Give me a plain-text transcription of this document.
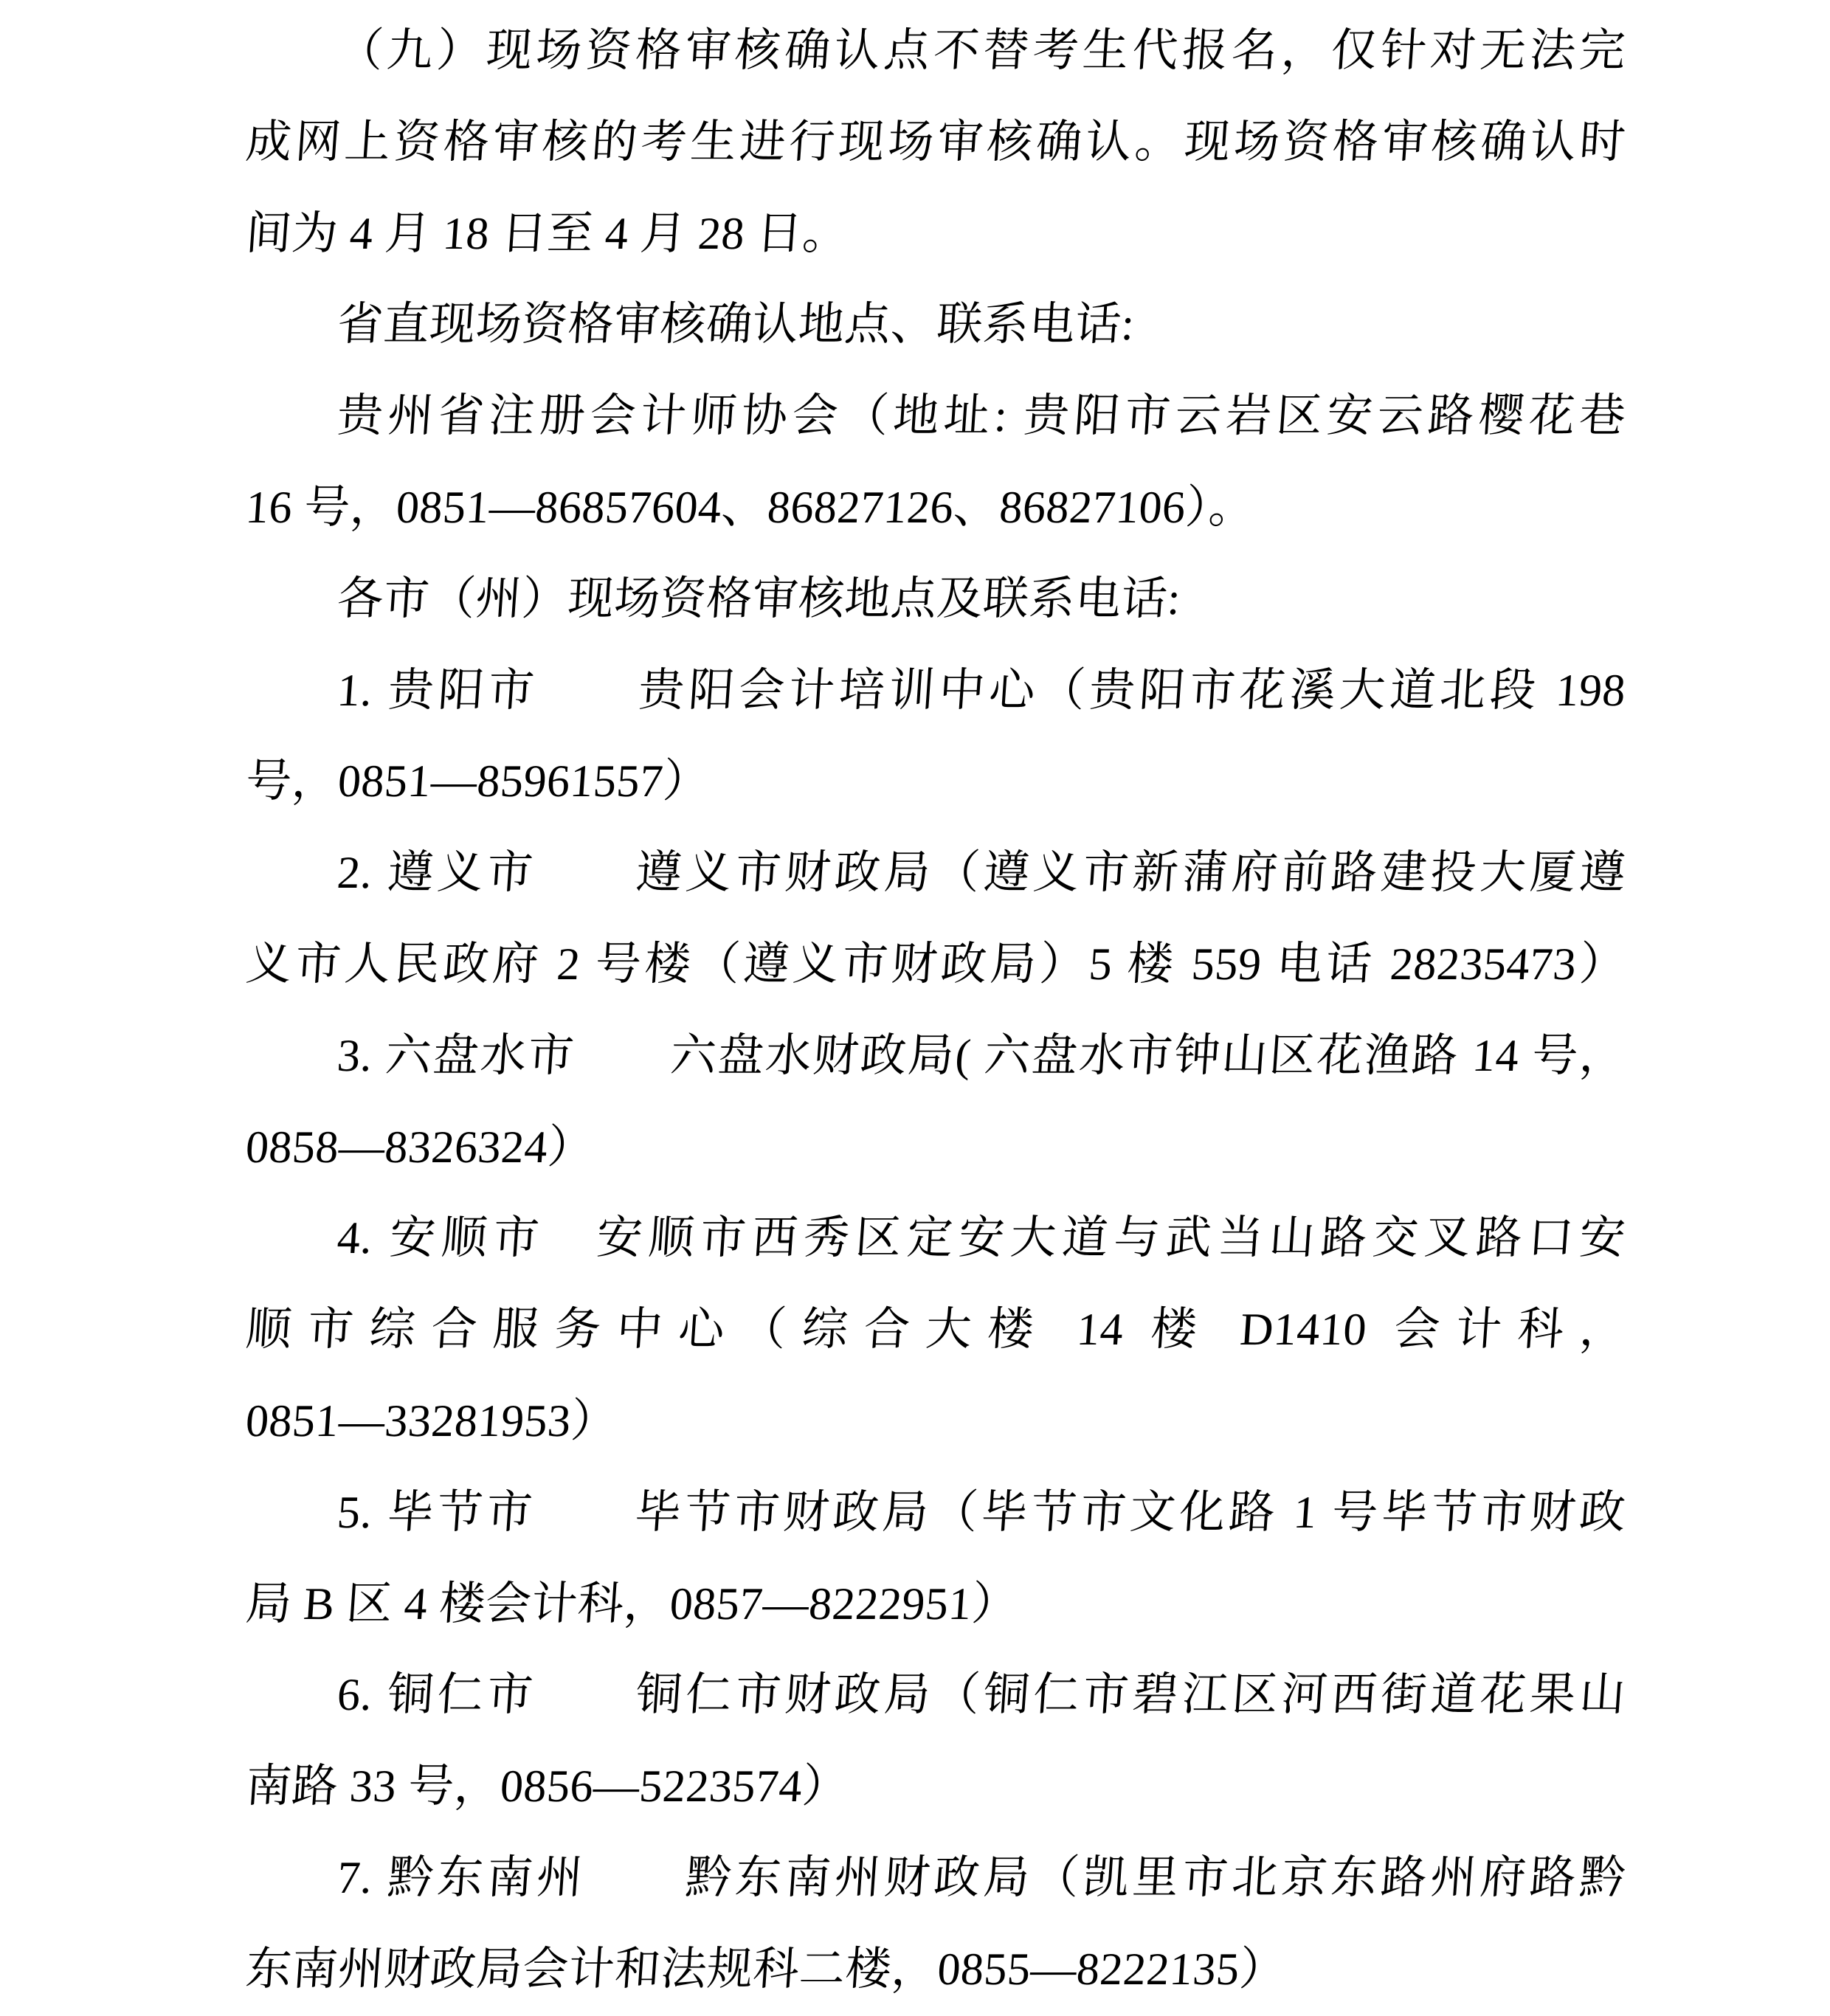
（九）现场资格审核确认点不替考生代报名，仅针对无法完
成网上资格审核的考生进行现场审核确认。现场资格审核确认时
间为 4 月 18 日至 4 月 28 日。
省直现场资格审核确认地点、联系电话:
贵州省注册会计师协会（地址: 贵阳市云岩区安云路樱花巷
16 号，0851—86857604、86827126、86827106）。
各市（州）现场资格审核地点及联系电话:
1. 贵阳市　　贵阳会计培训中心（贵阳市花溪大道北段 198
号，0851—85961557）
2. 遵义市　　遵义市财政局（遵义市新蒲府前路建投大厦遵
义市人民政府 2 号楼（遵义市财政局）5 楼 559 电话 28235473）
3. 六盘水市　　六盘水财政局( 六盘水市钟山区花渔路 14 号，
0858—8326324）
4. 安顺市　安顺市西秀区定安大道与武当山路交叉路口安
顺市综合服务中心（综合大楼 14 楼 D1410 会计科，
0851—33281953）
5. 毕节市　　毕节市财政局（毕节市文化路 1 号毕节市财政
局 B 区 4 楼会计科，0857—8222951）
6. 铜仁市　　铜仁市财政局（铜仁市碧江区河西街道花果山
南路 33 号，0856—5223574）
7. 黔东南州　　黔东南州财政局（凯里市北京东路州府路黔
东南州财政局会计和法规科二楼，0855—8222135）
